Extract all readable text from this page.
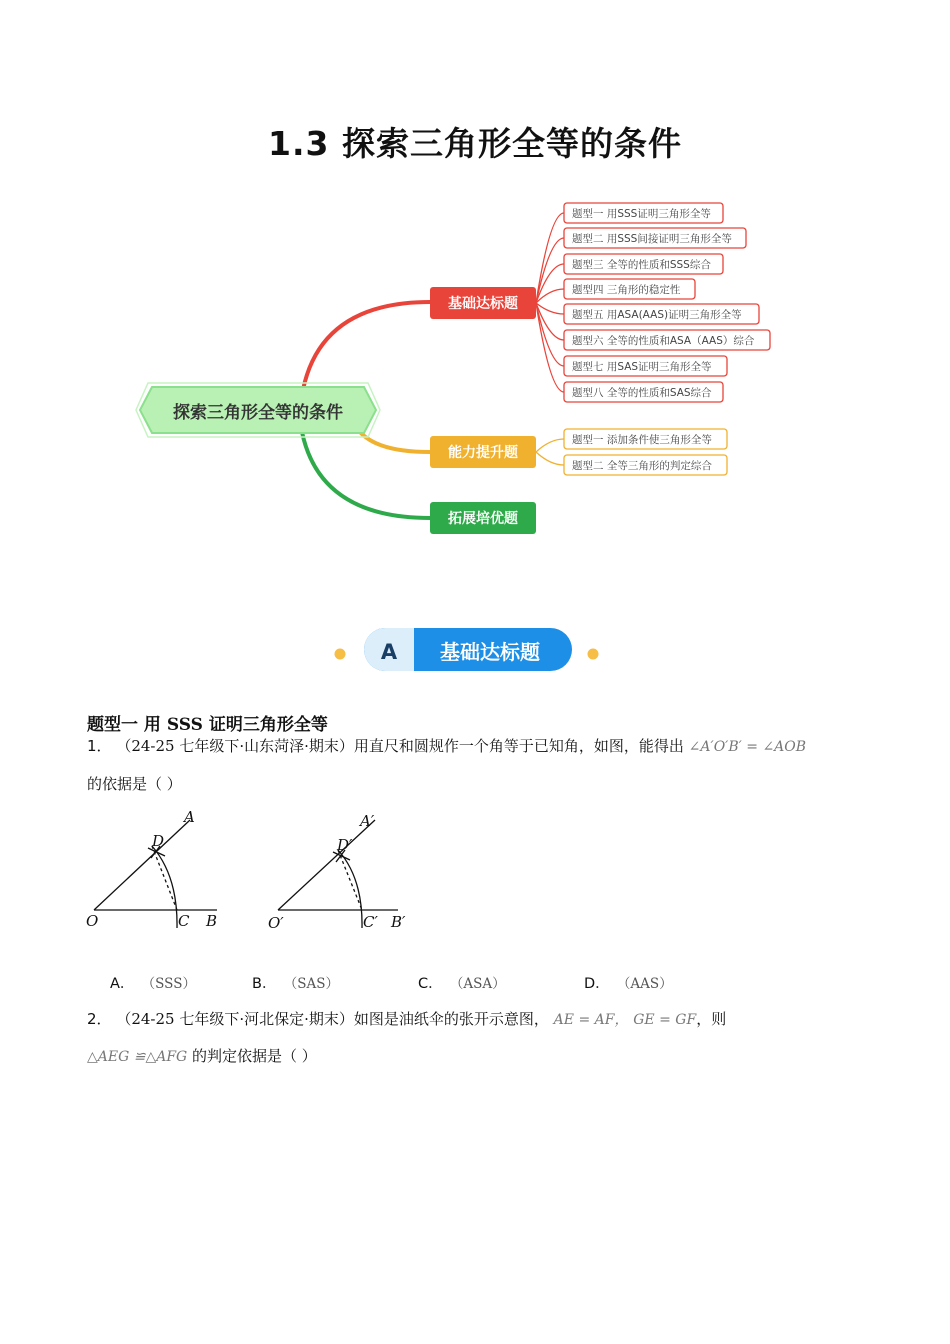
1.3 探索三角形全等的条件
探索三角形全等的条件
基础达标题
题型一 用SSS证明三角形全等
题型二 用SSS间接证明三角形全等
题型三 全等的性质和SSS综合
题型四 三角形的稳定性
题型五 用ASA(AAS)证明三角形全等
题型六 全等的性质和ASA（AAS）综合
题型七 用SAS证明三角形全等
题型八 全等的性质和SAS综合
能力提升题
题型一 添加条件使三角形全等
题型二 全等三角形的判定综合
拓展培优题
A 基础达标题
题型一 用 SSS 证明三角形全等
1． （24-25 七年级下·山东菏泽·期末）用直尺和圆规作一个角等于已知角，如图，能得出 ∠A′O′B′ = ∠AOB
的依据是（ ）
O	C B
D
A
O′	C′ B′
D′
A′
A． （SSS）	B． （SAS）	C． （ASA）	D． （AAS）
2． （24-25 七年级下·河北保定·期末）如图是油纸伞的张开示意图， AE = AF， GE = GF，则
△AEG ≌△AFG 的判定依据是（ ）
